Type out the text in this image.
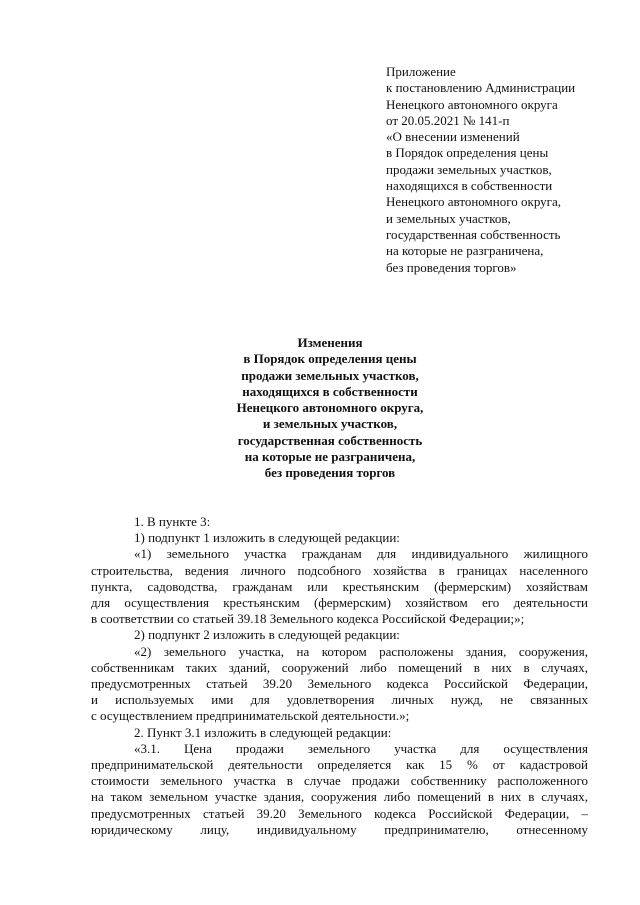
Приложение
к постановлению Администрации
Ненецкого автономного округа
от 20.05.2021 № 141-п
«О внесении изменений
в Порядок определения цены
продажи земельных участков,
находящихся в собственности
Ненецкого автономного округа,
и земельных участков,
государственная собственность
на которые не разграничена,
без проведения торгов»
Изменения
в Порядок определения цены
продажи земельных участков,
находящихся в собственности
Ненецкого автономного округа,
и земельных участков,
государственная собственность
на которые не разграничена,
без проведения торгов

1. В пункте 3:

1) подпункт 1 изложить в следующей редакции:

«1) земельного участка гражданам для индивидуального жилищного
строительства, ведения личного подсобного хозяйства в границах населенного
пункта, садоводства, гражданам или крестьянским (фермерским) хозяйствам
для осуществления крестьянским (фермерским) хозяйством его деятельности
в соответствии со статьей 39.18 Земельного кодекса Российской Федерации;»;

2) подпункт 2 изложить в следующей редакции:

«2) земельного участка, на котором расположены здания, сооружения,
собственникам таких зданий, сооружений либо помещений в них в случаях,
предусмотренных статьей 39.20 Земельного кодекса Российской Федерации,
и используемых ими для удовлетворения личных нужд, не связанных
с осуществлением предпринимательской деятельности.»;

2. Пункт 3.1 изложить в следующей редакции:

«3.1. Цена продажи земельного участка для осуществления
предпринимательской деятельности определяется как 15 % от кадастровой
стоимости земельного участка в случае продажи собственнику расположенного
на таком земельном участке здания, сооружения либо помещений в них в случаях,
предусмотренных статьей 39.20 Земельного кодекса Российской Федерации, –
юридическому лицу, индивидуальному предпринимателю, отнесенному
